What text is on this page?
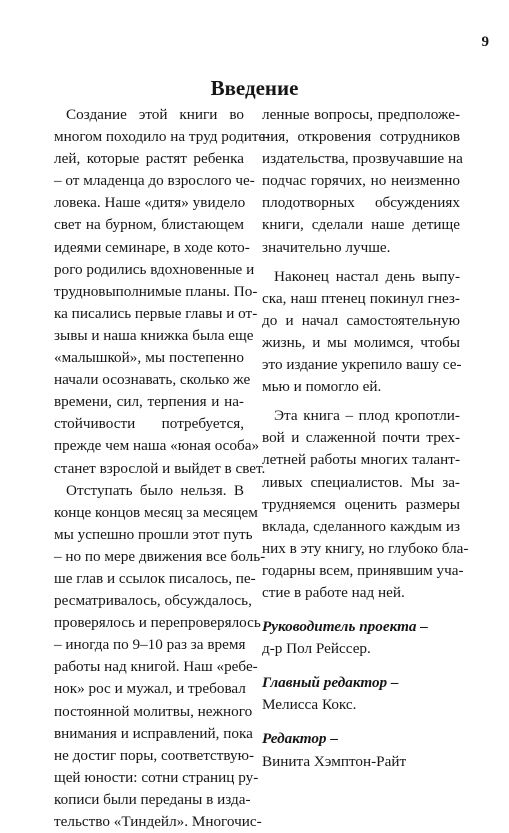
9
Введение
Создание этой книги во
многом походило на труд родите-
лей, которые растят ребенка
– от младенца до взрослого че-
ловека. Наше «дитя» увидело
свет на бурном, блистающем
идеями семинаре, в ходе кото-
рого родились вдохновенные и
трудновыполнимые планы. По-
ка писались первые главы и от-
зывы и наша книжка была еще
«малышкой», мы постепенно
начали осознавать, сколько же
времени, сил, терпения и на-
стойчивости потребуется,
прежде чем наша «юная особа»
станет взрослой и выйдет в свет.
Отступать было нельзя. В
конце концов месяц за месяцем
мы успешно прошли этот путь
– но по мере движения все боль-
ше глав и ссылок писалось, пе-
ресматривалось, обсуждалось,
проверялось и перепроверялось
– иногда по 9–10 раз за время
работы над книгой. Наш «ребе-
нок» рос и мужал, и требовал
постоянной молитвы, нежного
внимания и исправлений, пока
не достиг поры, соответствую-
щей юности: сотни страниц ру-
кописи были переданы в изда-
тельство «Тиндейл». Многочис-
ленные вопросы, предположе-
ния, откровения сотрудников
издательства, прозвучавшие на
подчас горячих, но неизменно
плодотворных обсуждениях
книги, сделали наше детище
значительно лучше.
Наконец настал день выпу-
ска, наш птенец покинул гнез-
до и начал самостоятельную
жизнь, и мы молимся, чтобы
это издание укрепило вашу се-
мью и помогло ей.
Эта книга – плод кропотли-
вой и слаженной почти трех-
летней работы многих талант-
ливых специалистов. Мы за-
трудняемся оценить размеры
вклада, сделанного каждым из
них в эту книгу, но глубоко бла-
годарны всем, принявшим уча-
стие в работе над ней.
Руководитель проекта –
д-р Пол Рейссер.
Главный редактор –
Мелисса Кокс.
Редактор –
Винита Хэмптон-Райт
